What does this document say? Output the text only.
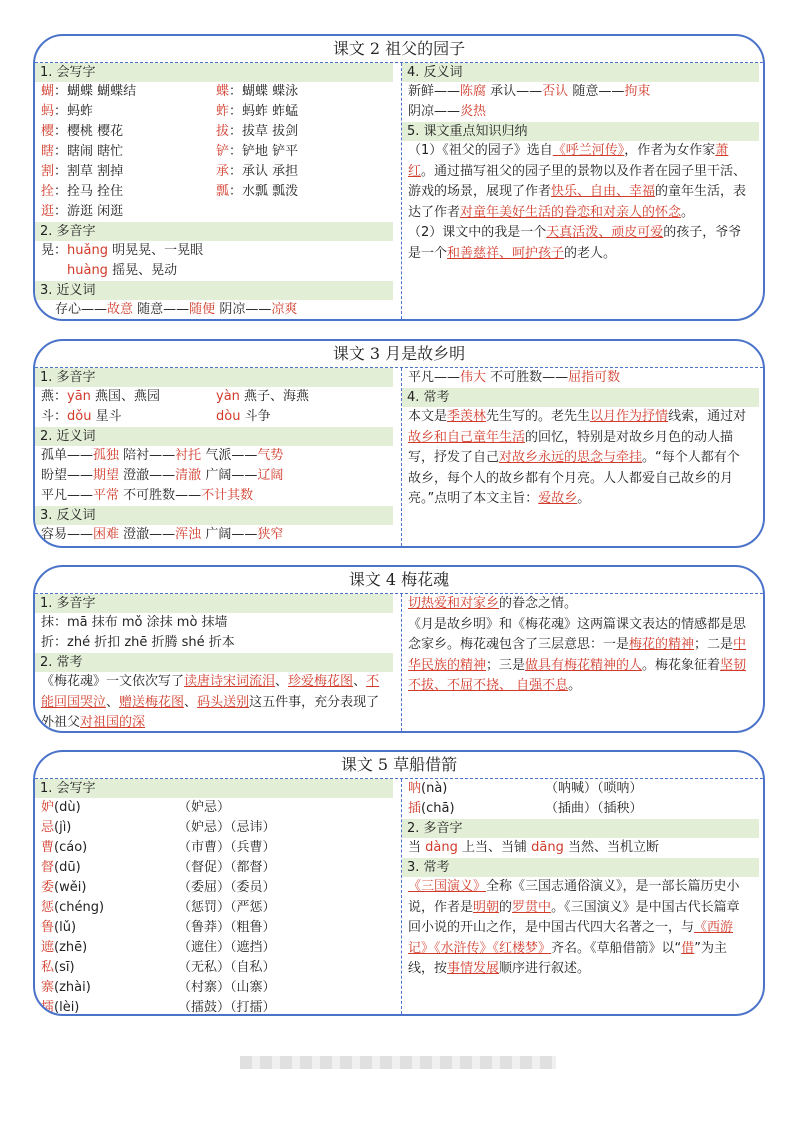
课文 2 祖父的园子
1. 会写字
蝴：蝴蝶 蝴蝶结	蝶：蝴蝶 蝶泳
蚂：蚂蚱	蚱：蚂蚱 蚱蜢
樱：樱桃 樱花	拔：拔草 拔剑
瞎：瞎闹 瞎忙	铲：铲地 铲平
割：割草 割掉	承：承认 承担
拴：拴马 拴住	瓢：水瓢 瓢泼
逛：游逛 闲逛
2. 多音字
晃：huǎng 明晃晃、一晃眼
huàng 摇晃、晃动
3. 近义词
存心——故意 随意——随便 阴凉——凉爽
4. 反义词
新鲜——陈腐 承认——否认 随意——拘束
阴凉——炎热
5. 课文重点知识归纳
（1）《祖父的园子》选自《呼兰河传》，作者为女作家萧红。通过描写祖父的园子里的景物以及作者在园子里干活、游戏的场景，展现了作者快乐、自由、幸福的童年生活，表达了作者对童年美好生活的眷恋和对亲人的怀念。
（2）课文中的我是一个天真活泼、顽皮可爱的孩子，爷爷是一个和善慈祥、呵护孩子的老人。
课文 3 月是故乡明
1. 多音字
燕：yān 燕国、燕园	yàn 燕子、海燕
斗：dǒu 星斗	dòu 斗争
2. 近义词
孤单——孤独 陪衬——衬托 气派——气势
盼望——期望 澄澈——清澈 广阔——辽阔
平凡——平常 不可胜数——不计其数
3. 反义词
容易——困难 澄澈——浑浊 广阔——狭窄
平凡——伟大 不可胜数——屈指可数
4. 常考
本文是季羡林先生写的。老先生以月作为抒情线索，通过对故乡和自己童年生活的回忆，特别是对故乡月色的动人描写，抒发了自己对故乡永远的思念与牵挂。“每个人都有个故乡，每个人的故乡都有个月亮。人人都爱自己故乡的月亮。”点明了本文主旨：爱故乡。
课文 4 梅花魂
1. 多音字
抹：mā 抹布 mǒ 涂抹 mò 抹墙
折：zhé 折扣 zhē 折腾 shé 折本
2. 常考
《梅花魂》一文依次写了读唐诗宋词流泪、珍爱梅花图、不能回国哭泣、赠送梅花图、码头送别这五件事，充分表现了外祖父对祖国的深
切热爱和对家乡的眷念之情。
《月是故乡明》和《梅花魂》这两篇课文表达的情感都是思念家乡。梅花魂包含了三层意思：一是梅花的精神；二是中华民族的精神；三是做具有梅花精神的人。梅花象征着坚韧不拔、不屈不挠、 自强不息。
课文 5 草船借箭
1. 会写字
妒(dù)	（妒忌）
忌(jì)	（妒忌）（忌讳）
曹(cáo)	（市曹）（兵曹）
督(dū)	（督促）（都督）
委(wěi)	（委屈）（委员）
惩(chéng)	（惩罚）（严惩）
鲁(lǔ)	（鲁莽）（粗鲁）
遮(zhē)	（遮住）（遮挡）
私(sī)	（无私）（自私）
寨(zhài)	（村寨）（山寨）
擂(lèi)	（擂鼓）（打擂）
呐(nà)	（呐喊）（唢呐）
插(chā)	（插曲）（插秧）
2. 多音字
当 dàng 上当、当铺 dāng 当然、当机立断
3. 常考
《三国演义》全称《三国志通俗演义》，是一部长篇历史小说，作者是明朝的罗贯中。《三国演义》是中国古代长篇章回小说的开山之作，是中国古代四大名著之一，与《西游记》《水浒传》《红楼梦》齐名。《草船借箭》以“借”为主线，按事情发展顺序进行叙述。
